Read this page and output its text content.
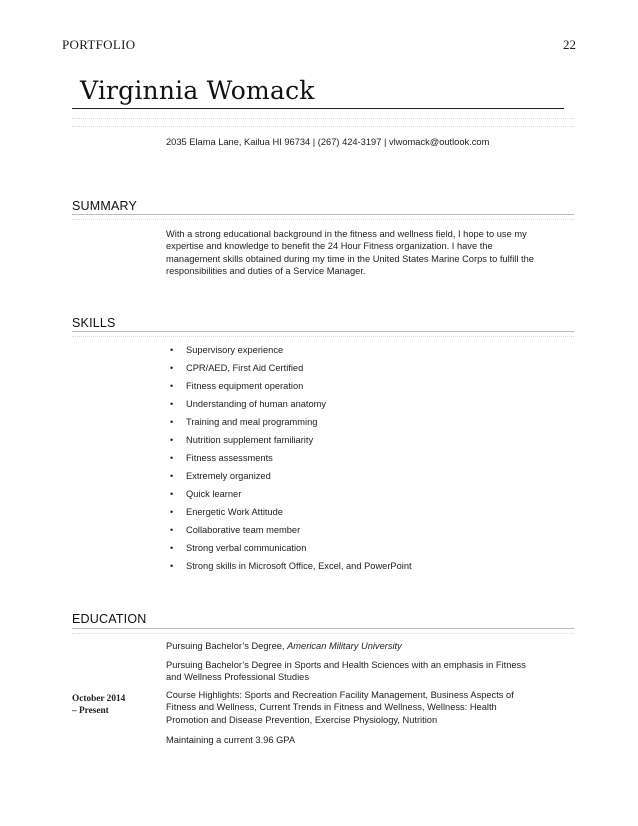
PORTFOLIO	22
Virginnia Womack
2035 Elama Lane, Kailua HI 96734 | (267) 424-3197 | vlwomack@outlook.com
SUMMARY
With a strong educational background in the fitness and wellness field, I hope to use my expertise and knowledge to benefit the 24 Hour Fitness organization. I have the management skills obtained during my time in the United States Marine Corps to fulfill the responsibilities and duties of a Service Manager.
SKILLS
• Supervisory experience
• CPR/AED, First Aid Certified
• Fitness equipment operation
• Understanding of human anatomy
• Training and meal programming
• Nutrition supplement familiarity
• Fitness assessments
• Extremely organized
• Quick learner
• Energetic Work Attitude
• Collaborative team member
• Strong verbal communication
• Strong skills in Microsoft Office, Excel, and PowerPoint
EDUCATION
October 2014
– Present
Pursuing Bachelor’s Degree, American Military University
Pursuing Bachelor’s Degree in Sports and Health Sciences with an emphasis in Fitness and Wellness Professional Studies
Course Highlights: Sports and Recreation Facility Management, Business Aspects of Fitness and Wellness, Current Trends in Fitness and Wellness, Wellness: Health Promotion and Disease Prevention, Exercise Physiology, Nutrition
Maintaining a current 3.96 GPA
